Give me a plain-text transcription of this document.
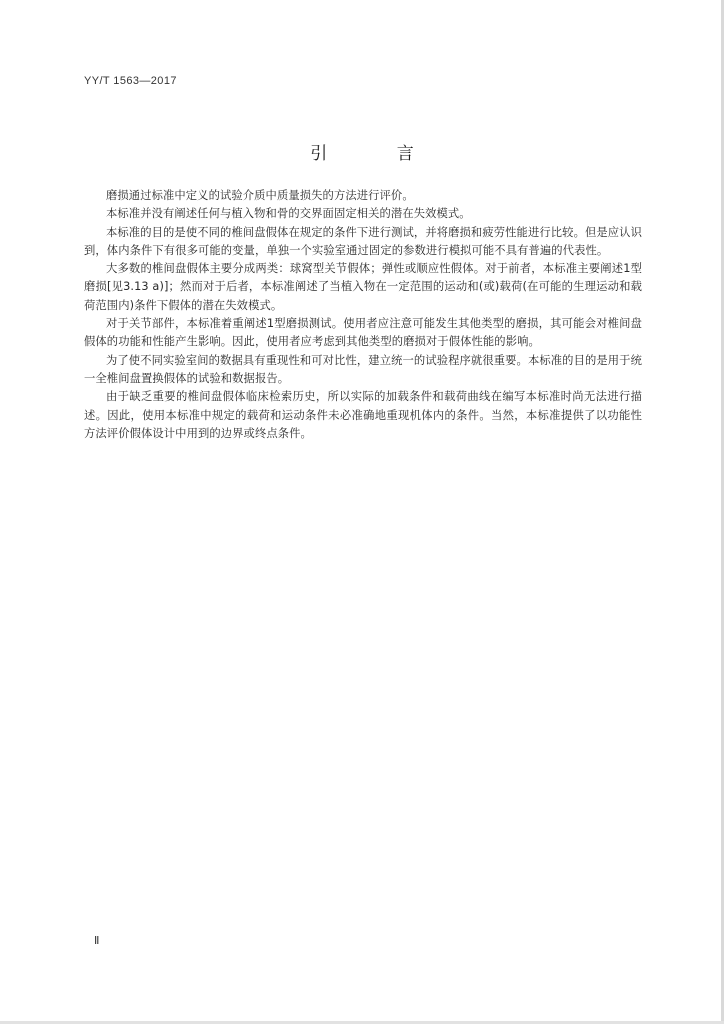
YY/T 1563—2017

引 言

磨损通过标准中定义的试验介质中质量损失的方法进行评价。

本标准并没有阐述任何与植入物和骨的交界面固定相关的潜在失效模式。

本标准的目的是使不同的椎间盘假体在规定的条件下进行测试，并将磨损和疲劳性能进行比较。但是应认识到，体内条件下有很多可能的变量，单独一个实验室通过固定的参数进行模拟可能不具有普遍的代表性。

大多数的椎间盘假体主要分成两类：球窝型关节假体；弹性或顺应性假体。对于前者，本标准主要阐述1型磨损[见3.13 a)]；然而对于后者，本标准阐述了当植入物在一定范围的运动和(或)载荷(在可能的生理运动和载荷范围内)条件下假体的潜在失效模式。

对于关节部件，本标准着重阐述1型磨损测试。使用者应注意可能发生其他类型的磨损，其可能会对椎间盘假体的功能和性能产生影响。因此，使用者应考虑到其他类型的磨损对于假体性能的影响。

为了使不同实验室间的数据具有重现性和可对比性，建立统一的试验程序就很重要。本标准的目的是用于统一全椎间盘置换假体的试验和数据报告。

由于缺乏重要的椎间盘假体临床检索历史，所以实际的加载条件和载荷曲线在编写本标准时尚无法进行描述。因此，使用本标准中规定的载荷和运动条件未必准确地重现机体内的条件。当然，本标准提供了以功能性方法评价假体设计中用到的边界或终点条件。

Ⅱ
